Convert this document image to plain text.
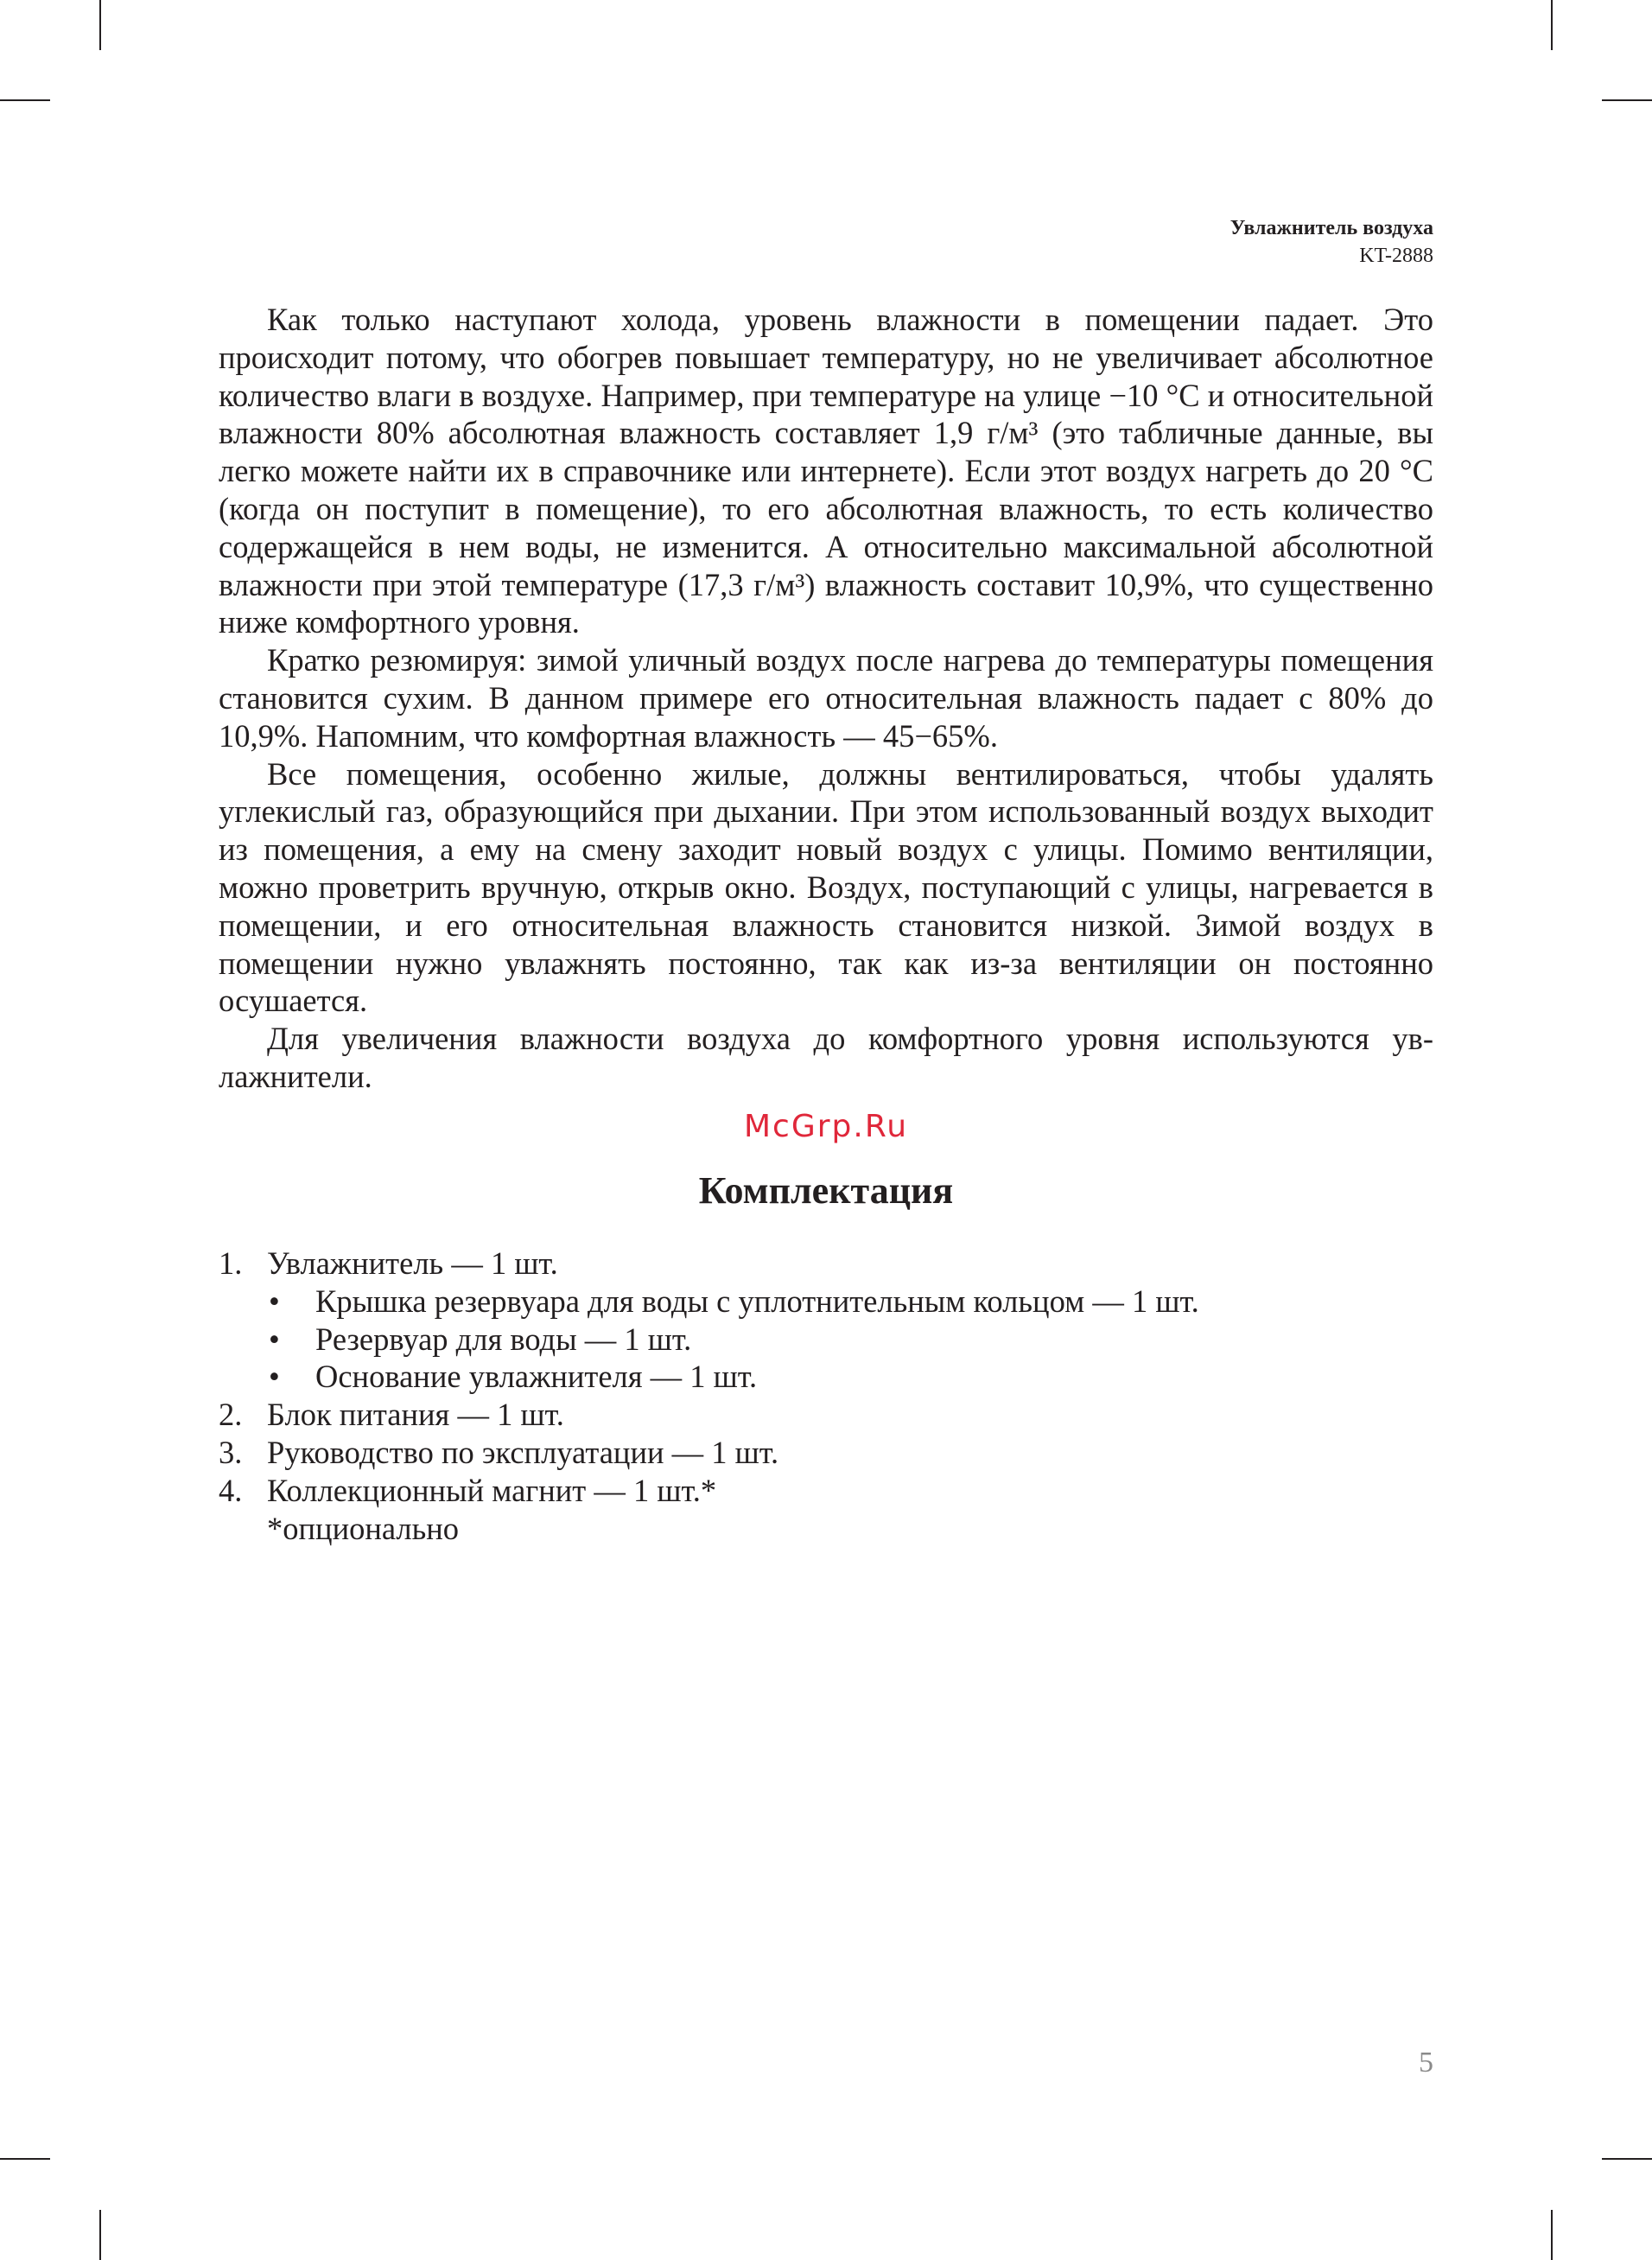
Увлажнитель воздуха
KT-2888

Как только наступают холода, уровень влажности в помещении падает. Это происходит потому, что обогрев повышает температуру, но не увеличивает абсолютное количество влаги в воздухе. Например, при температуре на улице −10 °С и относительной влажности 80% абсолютная влажность составляет 1,9 г/м³ (это табличные данные, вы легко можете найти их в справочнике или интернете). Если этот воздух нагреть до 20 °С (когда он поступит в помещение), то его абсолютная влажность, то есть количество содержащейся в нем воды, не изменится. А относительно максимальной абсолютной влажности при этой температуре (17,3 г/м³) влажность составит 10,9%, что существенно ниже комфортного уровня.

Кратко резюмируя: зимой уличный воздух после нагрева до температуры помещения становится сухим. В данном примере его относительная влажность падает с 80% до 10,9%. Напомним, что комфортная влажность — 45−65%.

Все помещения, особенно жилые, должны вентилироваться, чтобы удалять углекислый газ, образующийся при дыхании. При этом использованный воздух выходит из помещения, а ему на смену заходит новый воздух с улицы. Помимо вентиляции, можно проветрить вручную, открыв окно. Воздух, поступающий с улицы, нагревается в помещении, и его относительная влажность становится низкой. Зимой воздух в помещении нужно увлажнять постоянно, так как из-за вентиляции он постоянно осушается.

Для увеличения влажности воздуха до комфортного уровня используются увлажнители.

McGrp.Ru
Комплектация
1. Увлажнитель — 1 шт.
• Крышка резервуара для воды с уплотнительным кольцом — 1 шт.
• Резервуар для воды — 1 шт.
• Основание увлажнителя — 1 шт.
2. Блок питания — 1 шт.
3. Руководство по эксплуатации — 1 шт.
4. Коллекционный магнит — 1 шт.*
*опционально
5
